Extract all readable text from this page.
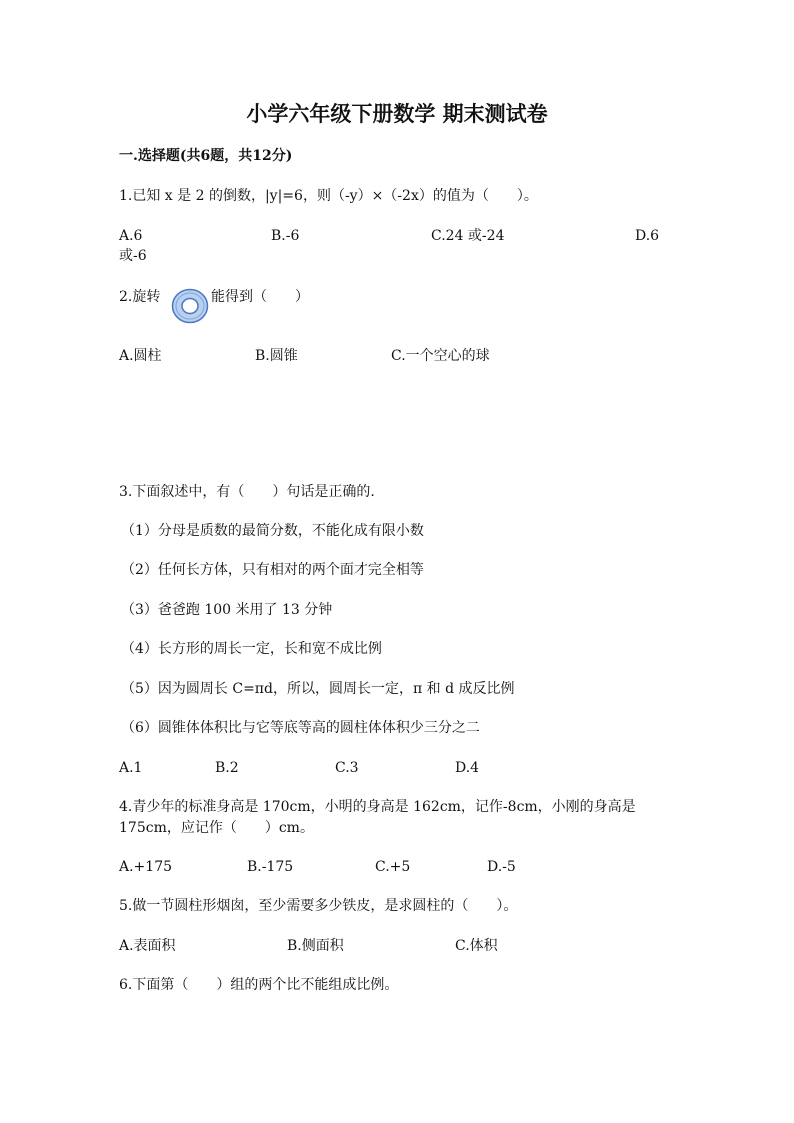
小学六年级下册数学 期末测试卷
一.选择题(共6题，共12分)
1.已知 x 是 2 的倒数，|y|=6，则（-y）×（-2x）的值为（　　）。
A.6	B.-6	C.24 或-24	D.6
或-6
2.旋转	能得到（　　）
A.圆柱	B.圆锥	C.一个空心的球
3.下面叙述中，有（　　）句话是正确的.
（1）分母是质数的最简分数，不能化成有限小数
（2）任何长方体，只有相对的两个面才完全相等
（3）爸爸跑 100 米用了 13 分钟
（4）长方形的周长一定，长和宽不成比例
（5）因为圆周长 C=πd，所以，圆周长一定，π 和 d 成反比例
（6）圆锥体体积比与它等底等高的圆柱体体积少三分之二
A.1	B.2	C.3	D.4
4.青少年的标准身高是 170cm，小明的身高是 162cm，记作-8cm，小刚的身高是
175cm，应记作（　　）cm。
A.+175	B.-175	C.+5	D.-5
5.做一节圆柱形烟囱，至少需要多少铁皮，是求圆柱的（　　）。
A.表面积	B.侧面积	C.体积
6.下面第（　　）组的两个比不能组成比例。
